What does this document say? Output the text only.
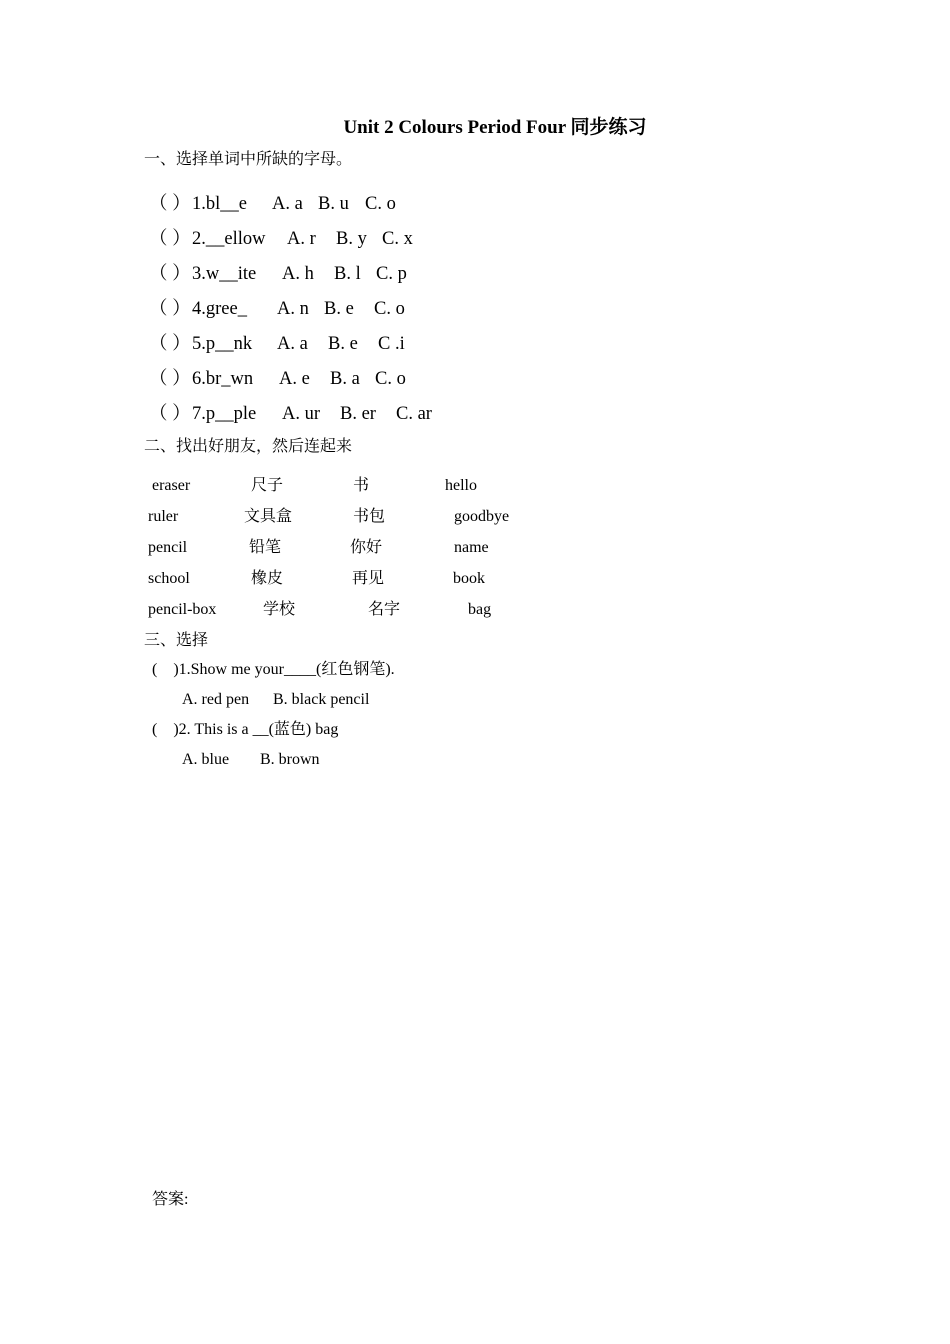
Unit 2 Colours Period Four 同步练习
一、选择单词中所缺的字母。
（ ） 1.bl__e A. a B. u C. o
（ ） 2.__ellow A. r B. y C. x
（ ） 3.w__ite A. h B. l C. p
（ ） 4.gree_ A. n B. e C. o
（ ） 5.p__nk A. a B. e C .i
（ ） 6.br_wn A. e B. a C. o
（ ） 7.p__ple A. ur B. er C. ar
二、找出好朋友，然后连起来
eraser	尺子	书	hello
ruler	文具盒	书包	goodbye
pencil	铅笔	你好	name
school	橡皮	再见	book
pencil-box	学校	名字	bag
三、选择
(    )1.Show me your____(红色钢笔).
A. red pen B. black pencil
(    )2. This is a __(蓝色) bag
A. blue B. brown
答案:
